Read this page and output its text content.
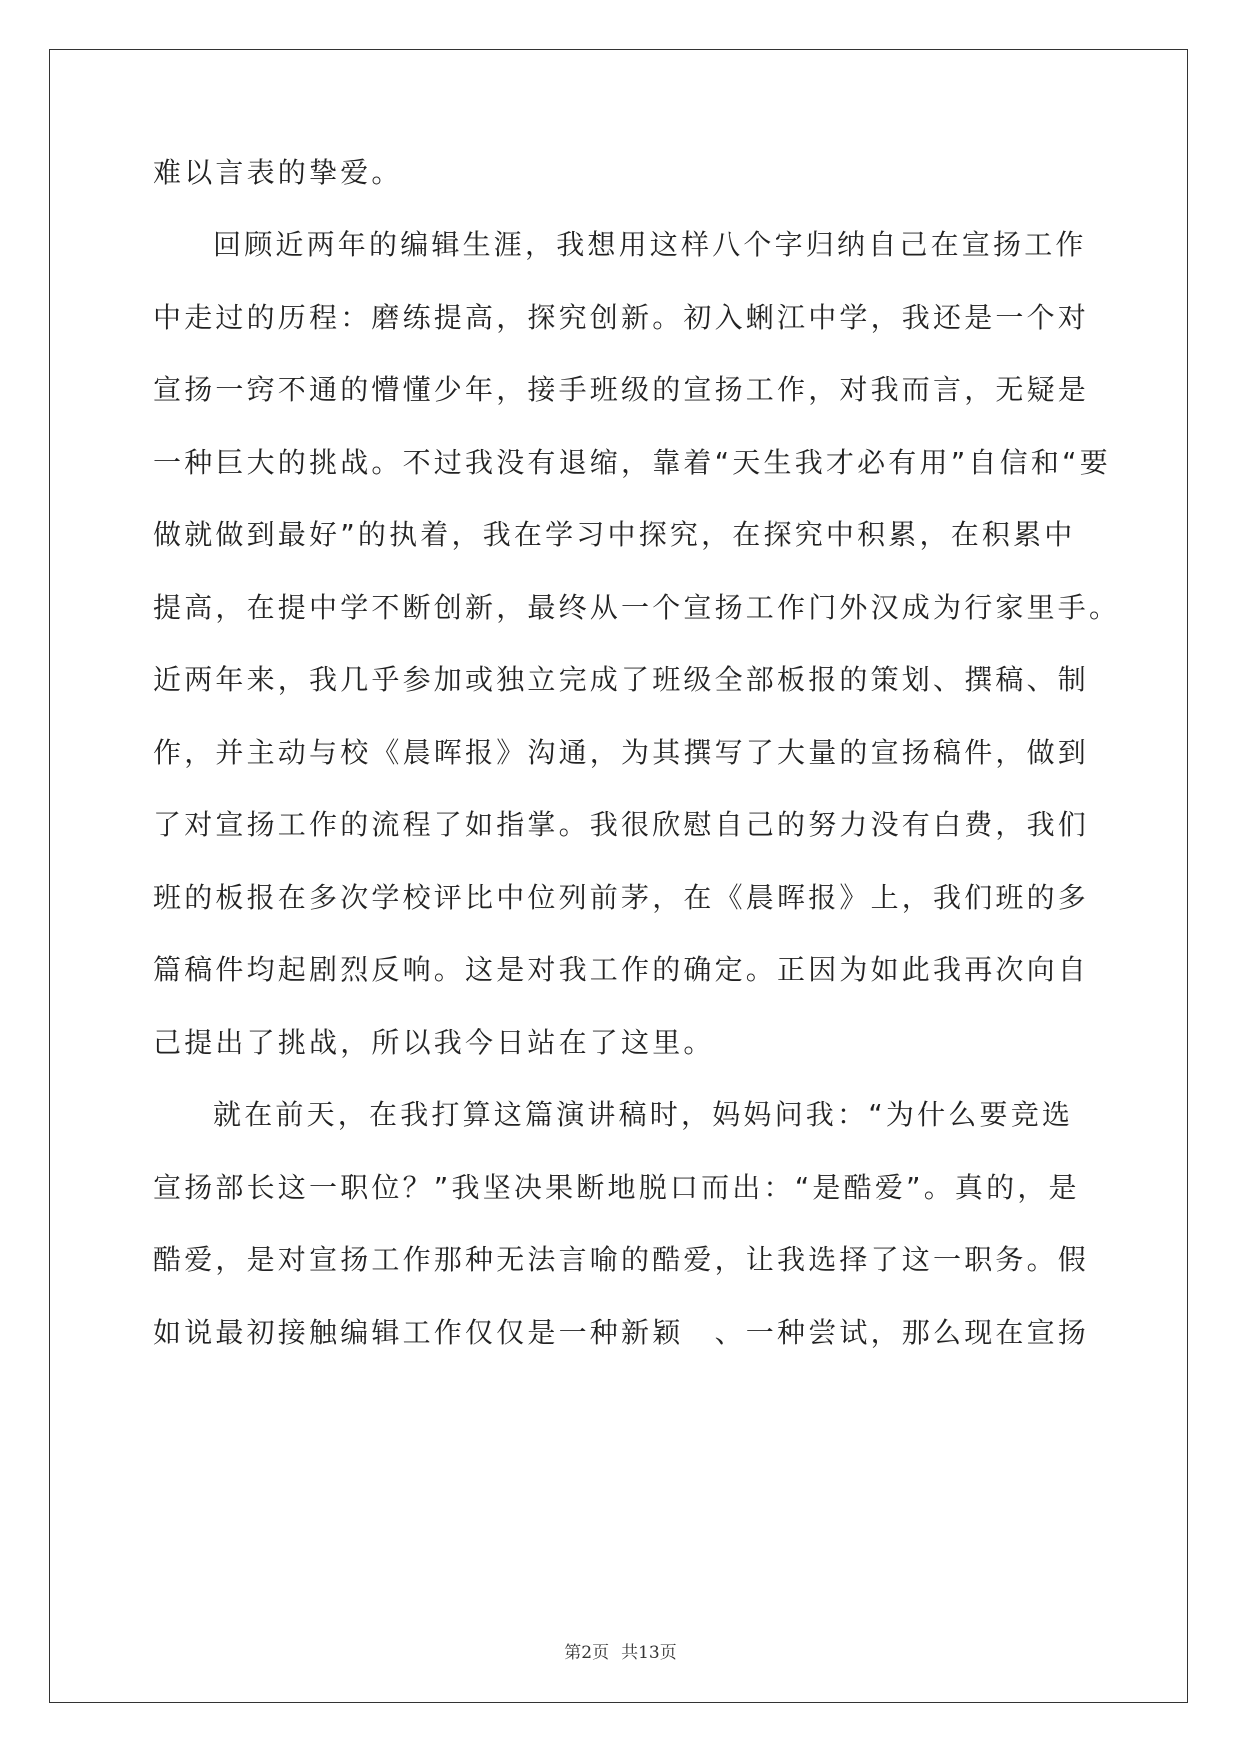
难以言表的挚爱。
回顾近两年的编辑生涯，我想用这样八个字归纳自己在宣扬工作
中走过的历程：磨练提高，探究创新。初入蜊江中学，我还是一个对
宣扬一窍不通的懵懂少年，接手班级的宣扬工作，对我而言，无疑是
一种巨大的挑战。不过我没有退缩，靠着“天生我才必有用”自信和“要
做就做到最好”的执着，我在学习中探究，在探究中积累，在积累中
提高，在提中学不断创新，最终从一个宣扬工作门外汉成为行家里手。
近两年来，我几乎参加或独立完成了班级全部板报的策划、撰稿、制
作，并主动与校《晨晖报》沟通，为其撰写了大量的宣扬稿件，做到
了对宣扬工作的流程了如指掌。我很欣慰自己的努力没有白费，我们
班的板报在多次学校评比中位列前茅，在《晨晖报》上，我们班的多
篇稿件均起剧烈反响。这是对我工作的确定。正因为如此我再次向自
己提出了挑战，所以我今日站在了这里。
就在前天，在我打算这篇演讲稿时，妈妈问我：“为什么要竞选
宣扬部长这一职位？”我坚决果断地脱口而出：“是酷爱”。真的，是
酷爱，是对宣扬工作那种无法言喻的酷爱，让我选择了这一职务。假
如说最初接触编辑工作仅仅是一种新颖　、一种尝试，那么现在宣扬
第2页 共13页
